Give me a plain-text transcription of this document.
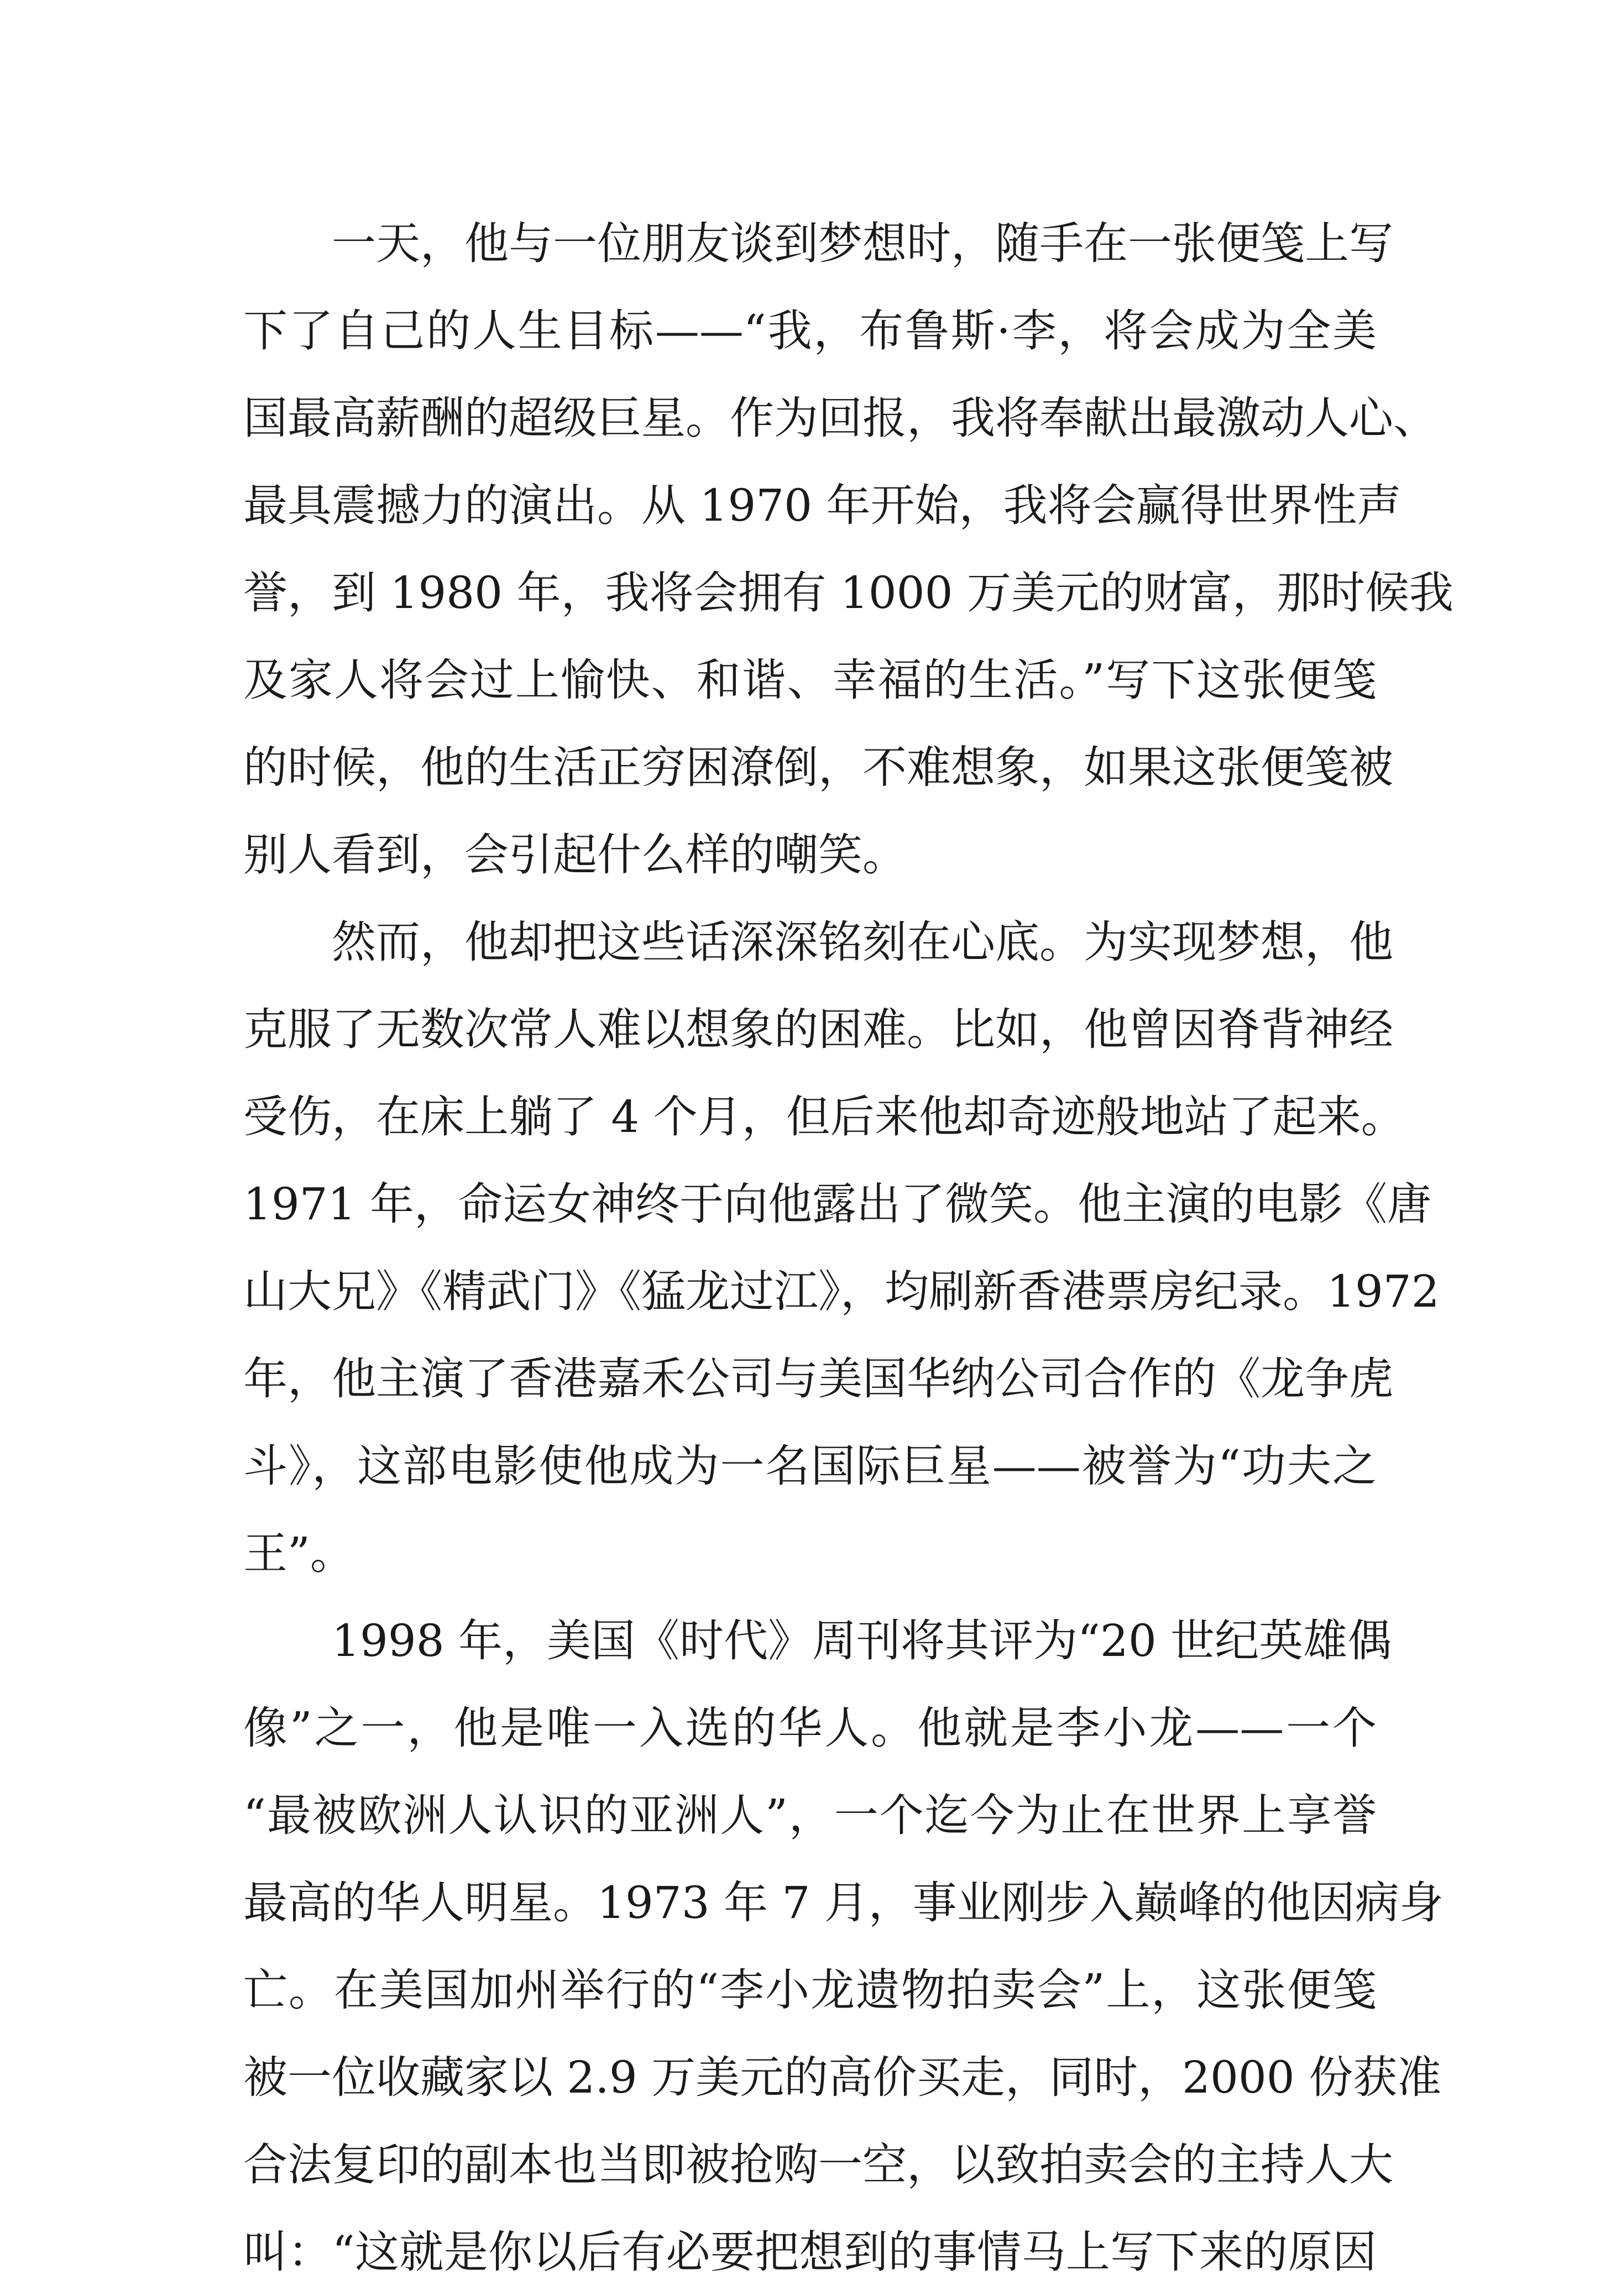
一天，他与一位朋友谈到梦想时，随手在一张便笺上写
下了自己的人生目标——“我，布鲁斯·李，将会成为全美
国最高薪酬的超级巨星。作为回报，我将奉献出最激动人心、
最具震撼力的演出。从 1970 年开始，我将会赢得世界性声
誉，到 1980 年，我将会拥有 1000 万美元的财富，那时候我
及家人将会过上愉快、和谐、幸福的生活。”写下这张便笺
的时候，他的生活正穷困潦倒，不难想象，如果这张便笺被
别人看到，会引起什么样的嘲笑。
然而，他却把这些话深深铭刻在心底。为实现梦想，他
克服了无数次常人难以想象的困难。比如，他曾因脊背神经
受伤，在床上躺了 4 个月，但后来他却奇迹般地站了起来。
1971 年，命运女神终于向他露出了微笑。他主演的电影《唐
山大兄》《精武门》《猛龙过江》，均刷新香港票房纪录。1972
年，他主演了香港嘉禾公司与美国华纳公司合作的《龙争虎
斗》，这部电影使他成为一名国际巨星——被誉为“功夫之
王”。
1998 年，美国《时代》周刊将其评为“20 世纪英雄偶
像”之一，他是唯一入选的华人。他就是李小龙——一个
“最被欧洲人认识的亚洲人”，一个迄今为止在世界上享誉
最高的华人明星。1973 年 7 月，事业刚步入巅峰的他因病身
亡。在美国加州举行的“李小龙遗物拍卖会”上，这张便笺
被一位收藏家以 2.9 万美元的高价买走，同时，2000 份获准
合法复印的副本也当即被抢购一空，以致拍卖会的主持人大
叫：“这就是你以后有必要把想到的事情马上写下来的原因
